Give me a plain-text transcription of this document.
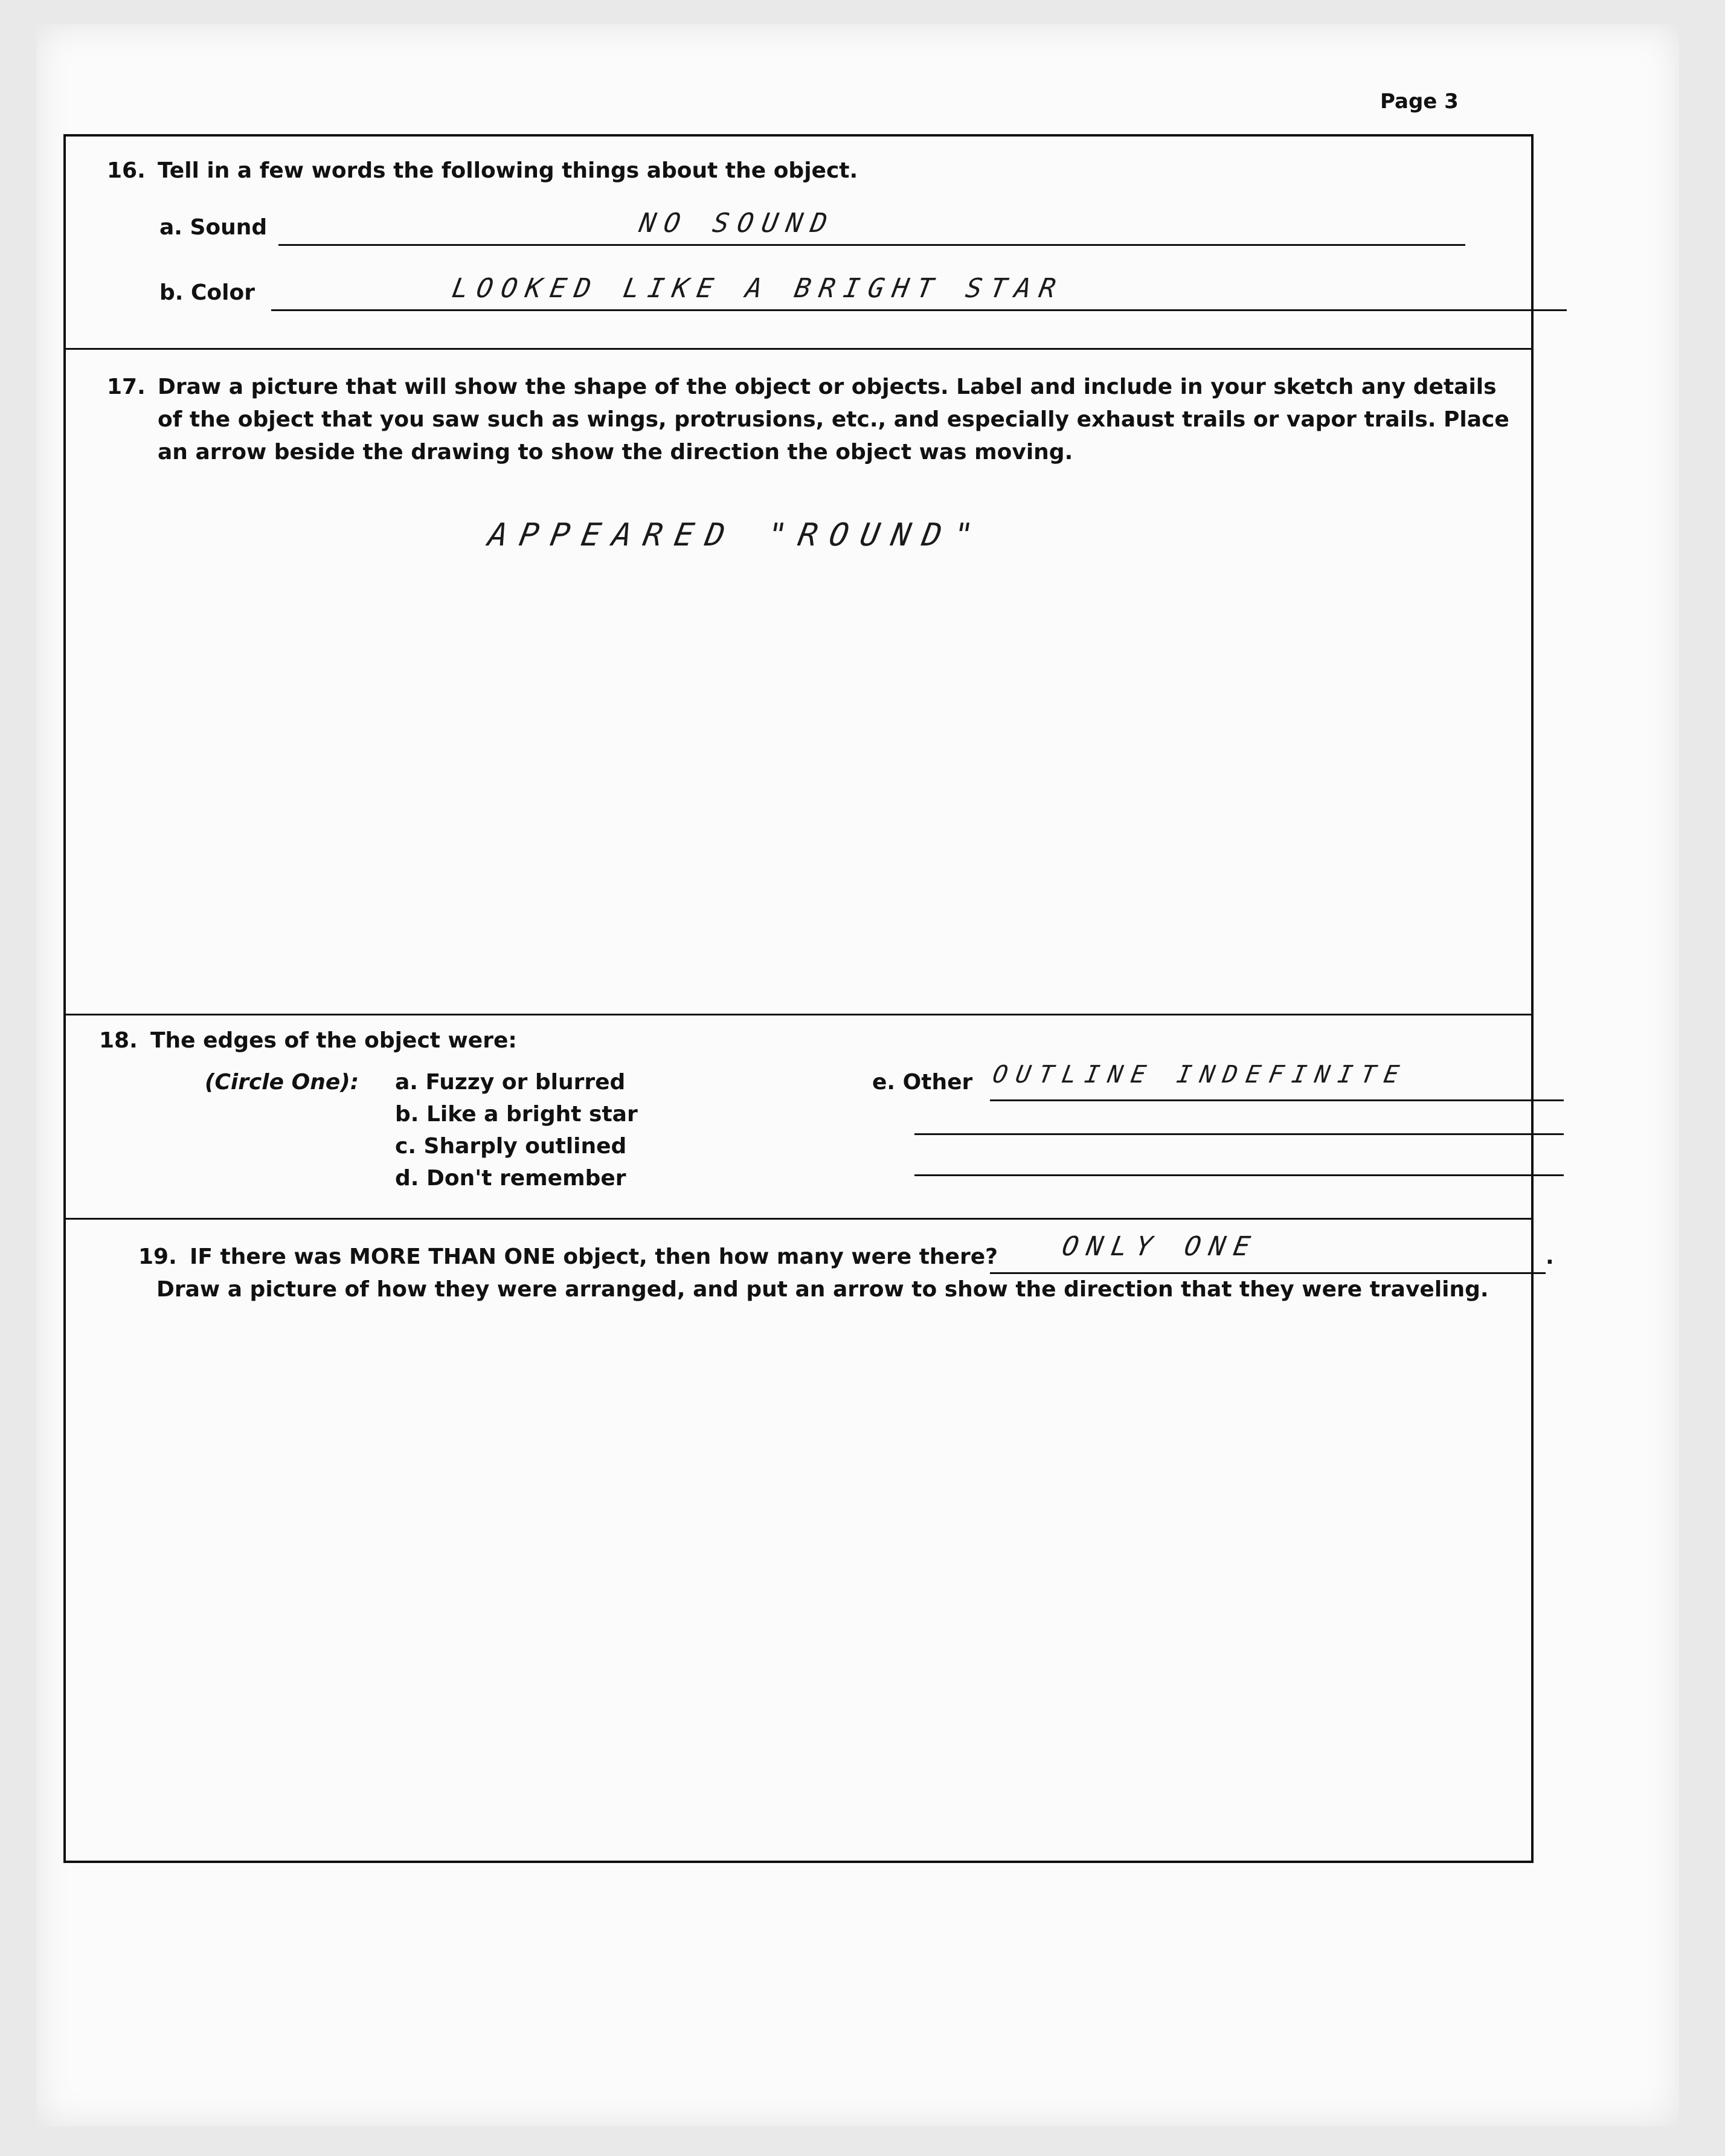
Page 3
16. Tell in a few words the following things about the object.
a. Sound	NO SOUND
b. Color	LOOKED LIKE A BRIGHT STAR
17. Draw a picture that will show the shape of the object or objects. Label and include in your sketch any details
of the object that you saw such as wings, protrusions, etc., and especially exhaust trails or vapor trails. Place
an arrow beside the drawing to show the direction the object was moving.
APPEARED "ROUND"
18. The edges of the object were:
(Circle One): a. Fuzzy or blurred
b. Like a bright star
c. Sharply outlined
d. Don't remember
e. Other OUTLINE INDEFINITE
19. IF there was MORE THAN ONE object, then how many were there? ONLY ONE	.
Draw a picture of how they were arranged, and put an arrow to show the direction that they were traveling.
